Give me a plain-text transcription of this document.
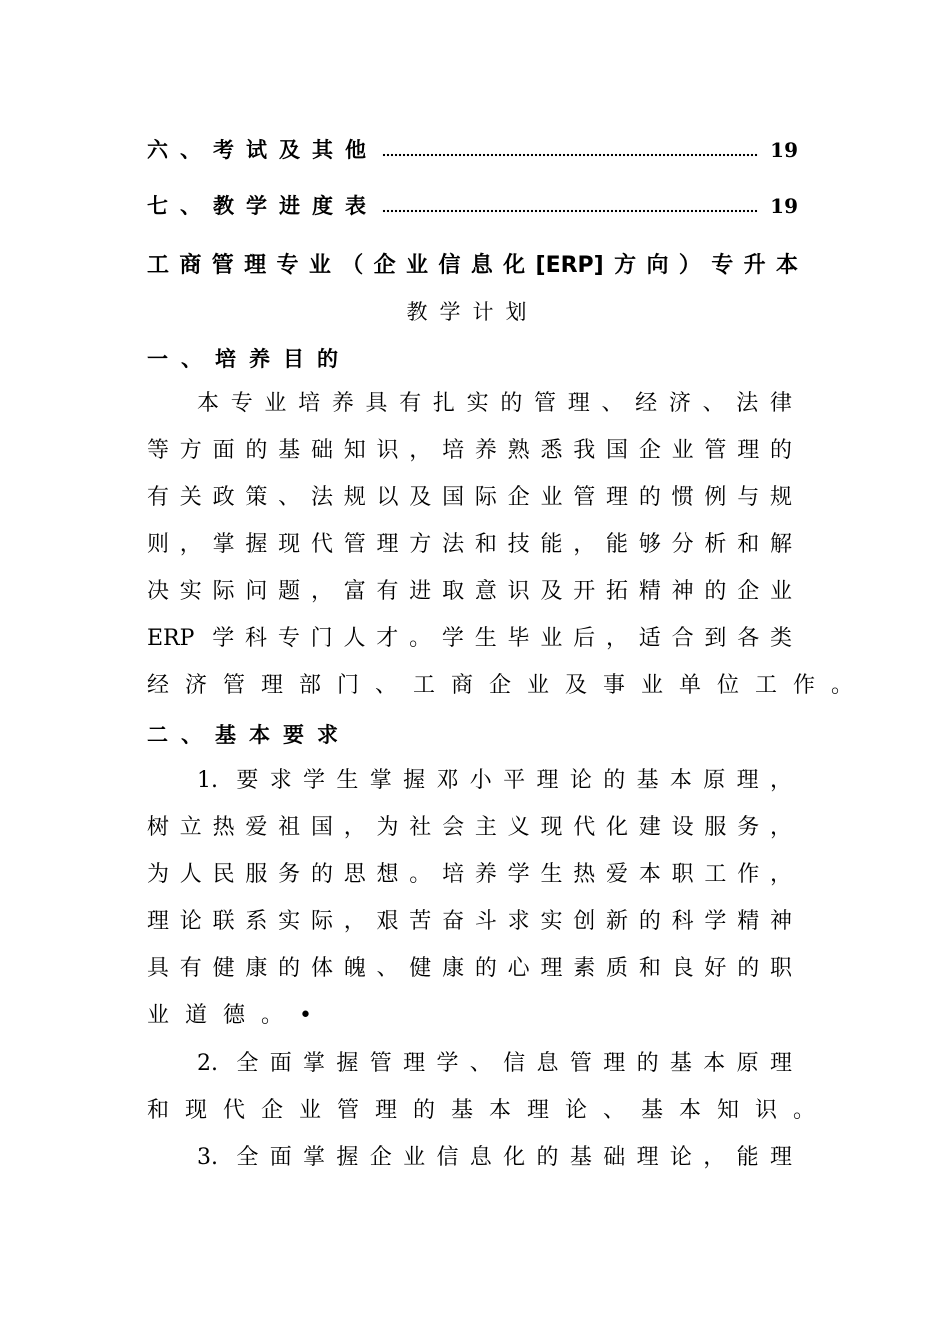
六、考试及其他	19
七、教学进度表	19
工商管理专业（企业信息化[ERP]方向）专升本
教学计划
一、培养目的
本专业培养具有扎实的管理、经济、法律
等方面的基础知识，培养熟悉我国企业管理的
有关政策、法规以及国际企业管理的惯例与规
则，掌握现代管理方法和技能，能够分析和解
决实际问题，富有进取意识及开拓精神的企业
ERP 学科专门人才。学生毕业后，适合到各类
经济管理部门、工商企业及事业单位工作。
二、基本要求
1. 要求学生掌握邓小平理论的基本原理，
树立热爱祖国，为社会主义现代化建设服务，
为人民服务的思想。培养学生热爱本职工作，
理论联系实际，艰苦奋斗求实创新的科学精神
具有健康的体魄、健康的心理素质和良好的职
业道德。•
2. 全面掌握管理学、信息管理的基本原理
和现代企业管理的基本理论、基本知识。
3. 全面掌握企业信息化的基础理论，能理
